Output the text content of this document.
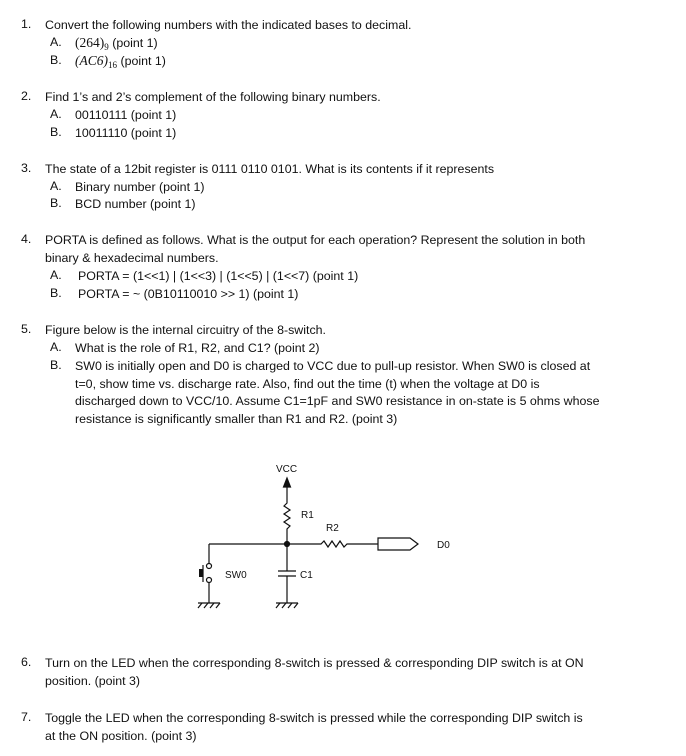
1. Convert the following numbers with the indicated bases to decimal.
A. $(264)_9$ (point 1)
B. $(AC6)_{16}$ (point 1)
2. Find 1’s and 2’s complement of the following binary numbers.
A. 00110111 (point 1)
B. 10011110 (point 1)
3. The state of a 12bit register is 0111 0110 0101. What is its contents if it represents
A. Binary number (point 1)
B. BCD number (point 1)
4. PORTA is defined as follows. What is the output for each operation? Represent the solution in both
binary & hexadecimal numbers.
A. PORTA = (1<<1) | (1<<3) | (1<<5) | (1<<7) (point 1)
B. PORTA = ~ (0B10110010 >> 1) (point 1)
5. Figure below is the internal circuitry of the 8-switch.
A. What is the role of R1, R2, and C1? (point 2)
B. SW0 is initially open and D0 is charged to VCC due to pull-up resistor. When SW0 is closed at
t=0, show time vs. discharge rate. Also, find out the time (t) when the voltage at D0 is
discharged down to VCC/10. Assume C1=1pF and SW0 resistance in on-state is 5 ohms whose
resistance is significantly smaller than R1 and R2. (point 3)
VCC
R1
R2
D0
SW0	C1
6. Turn on the LED when the corresponding 8-switch is pressed & corresponding DIP switch is at ON
position. (point 3)
7. Toggle the LED when the corresponding 8-switch is pressed while the corresponding DIP switch is
at the ON position. (point 3)
